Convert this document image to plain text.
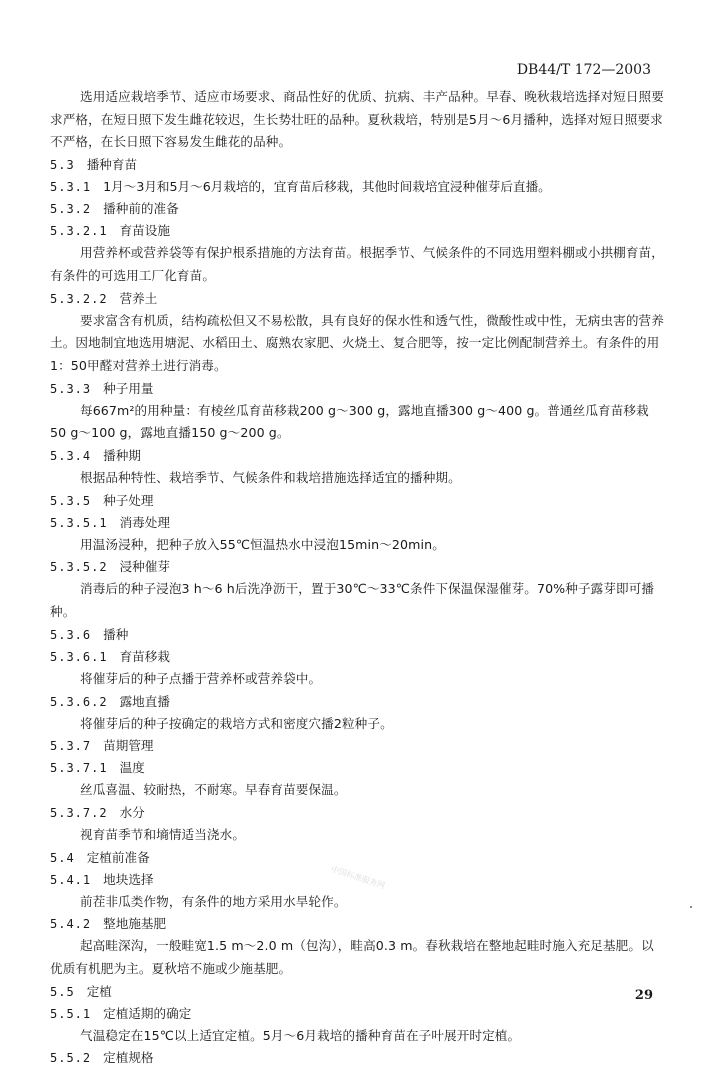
DB44/T 172—2003
中国标准服务网
选用适应栽培季节、适应市场要求、商品性好的优质、抗病、丰产品种。早春、晚秋栽培选择对短日照要求严格，在短日照下发生雌花较迟，生长势壮旺的品种。夏秋栽培，特别是5月～6月播种，选择对短日照要求不严格，在长日照下容易发生雌花的品种。
5.3 播种育苗
5.3.1 1月～3月和5月～6月栽培的，宜育苗后移栽，其他时间栽培宜浸种催芽后直播。
5.3.2 播种前的准备
5.3.2.1 育苗设施
用营养杯或营养袋等有保护根系措施的方法育苗。根据季节、气候条件的不同选用塑料棚或小拱棚育苗，有条件的可选用工厂化育苗。
5.3.2.2 营养土
要求富含有机质，结构疏松但又不易松散，具有良好的保水性和透气性，微酸性或中性，无病虫害的营养土。因地制宜地选用塘泥、水稻田土、腐熟农家肥、火烧土、复合肥等，按一定比例配制营养土。有条件的用1：50甲醛对营养土进行消毒。
5.3.3 种子用量
每667m²的用种量：有棱丝瓜育苗移栽200 g～300 g，露地直播300 g～400 g。普通丝瓜育苗移栽50 g～100 g，露地直播150 g～200 g。
5.3.4 播种期
根据品种特性、栽培季节、气候条件和栽培措施选择适宜的播种期。
5.3.5 种子处理
5.3.5.1 消毒处理
用温汤浸种，把种子放入55℃恒温热水中浸泡15min～20min。
5.3.5.2 浸种催芽
消毒后的种子浸泡3 h～6 h后洗净沥干，置于30℃～33℃条件下保温保湿催芽。70%种子露芽即可播种。
5.3.6 播种
5.3.6.1 育苗移栽
将催芽后的种子点播于营养杯或营养袋中。
5.3.6.2 露地直播
将催芽后的种子按确定的栽培方式和密度穴播2粒种子。
5.3.7 苗期管理
5.3.7.1 温度
丝瓜喜温、较耐热，不耐寒。早春育苗要保温。
5.3.7.2 水分
视育苗季节和墒情适当浇水。
5.4 定植前准备
5.4.1 地块选择
前茬非瓜类作物，有条件的地方采用水旱轮作。
5.4.2 整地施基肥
起高畦深沟，一般畦宽1.5 m～2.0 m（包沟），畦高0.3 m。春秋栽培在整地起畦时施入充足基肥。以优质有机肥为主。夏秋培不施或少施基肥。
5.5 定植
5.5.1 定植适期的确定
气温稳定在15℃以上适宜定植。5月～6月栽培的播种育苗在子叶展开时定植。
5.5.2 定植规格
29
